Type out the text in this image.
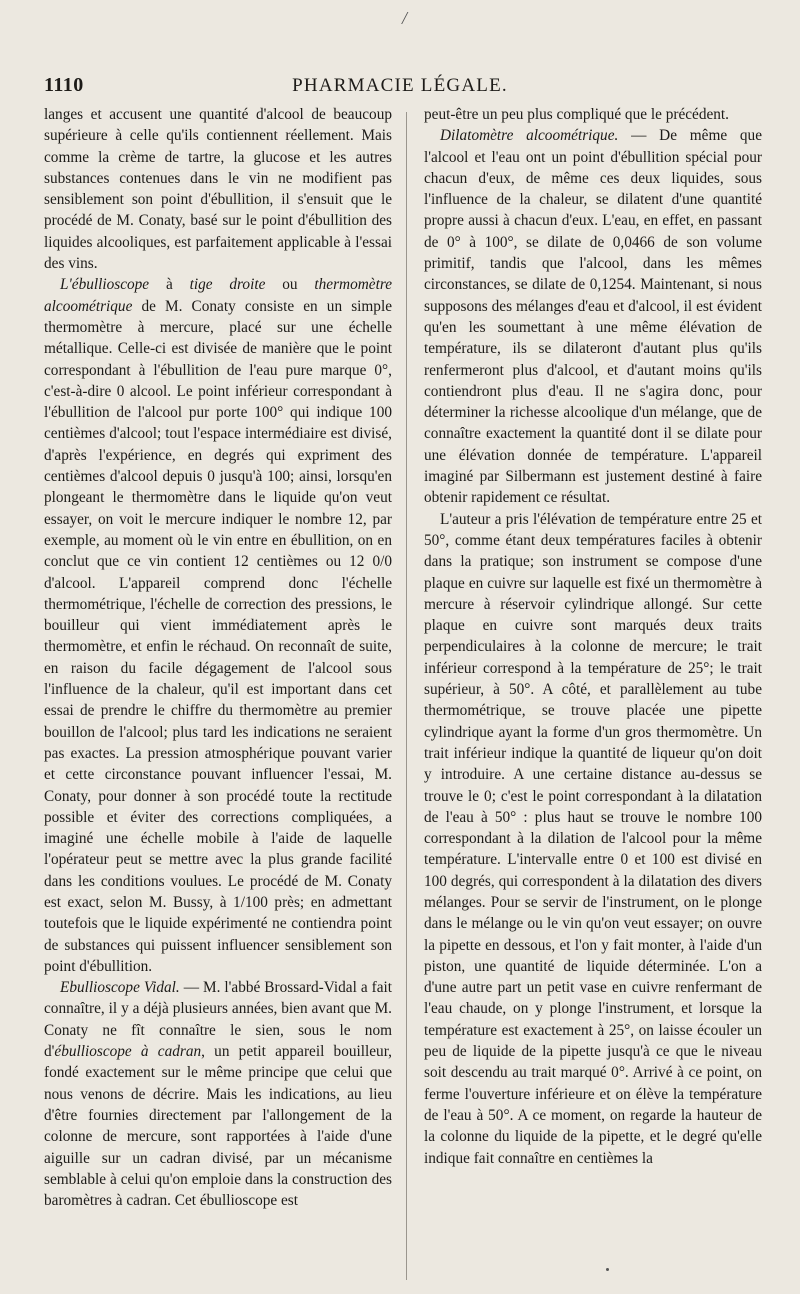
/
1110	PHARMACIE LÉGALE.

langes et accusent une quantité d'alcool de beaucoup supérieure à celle qu'ils contiennent réellement. Mais comme la crème de tartre, la glucose et les autres substances contenues dans le vin ne modifient pas sensiblement son point d'ébullition, il s'ensuit que le procédé de M. Conaty, basé sur le point d'ébullition des liquides alcooliques, est parfaitement applicable à l'essai des vins.

L'ébullioscope à tige droite ou thermomètre alcoométrique de M. Conaty consiste en un simple thermomètre à mercure, placé sur une échelle métallique. Celle-ci est divisée de manière que le point correspondant à l'ébullition de l'eau pure marque 0°, c'est-à-dire 0 alcool. Le point inférieur correspondant à l'ébullition de l'alcool pur porte 100° qui indique 100 centièmes d'alcool; tout l'espace intermédiaire est divisé, d'après l'expérience, en degrés qui expriment des centièmes d'alcool depuis 0 jusqu'à 100; ainsi, lorsqu'en plongeant le thermomètre dans le liquide qu'on veut essayer, on voit le mercure indiquer le nombre 12, par exemple, au moment où le vin entre en ébullition, on en conclut que ce vin contient 12 centièmes ou 12 0/0 d'alcool. L'appareil comprend donc l'échelle thermométrique, l'échelle de correction des pressions, le bouilleur qui vient immédiatement après le thermomètre, et enfin le réchaud. On reconnaît de suite, en raison du facile dégagement de l'alcool sous l'influence de la chaleur, qu'il est important dans cet essai de prendre le chiffre du thermomètre au premier bouillon de l'alcool; plus tard les indications ne seraient pas exactes. La pression atmosphérique pouvant varier et cette circonstance pouvant influencer l'essai, M. Conaty, pour donner à son procédé toute la rectitude possible et éviter des corrections compliquées, a imaginé une échelle mobile à l'aide de laquelle l'opérateur peut se mettre avec la plus grande facilité dans les conditions voulues. Le procédé de M. Conaty est exact, selon M. Bussy, à 1/100 près; en admettant toutefois que le liquide expérimenté ne contiendra point de substances qui puissent influencer sensiblement son point d'ébullition.

Ebullioscope Vidal. — M. l'abbé Brossard-Vidal a fait connaître, il y a déjà plusieurs années, bien avant que M. Conaty ne fît connaître le sien, sous le nom d'ébullioscope à cadran, un petit appareil bouilleur, fondé exactement sur le même principe que celui que nous venons de décrire. Mais les indications, au lieu d'être fournies directement par l'allongement de la colonne de mercure, sont rapportées à l'aide d'une aiguille sur un cadran divisé, par un mécanisme semblable à celui qu'on emploie dans la construction des baromètres à cadran. Cet ébullioscope est

peut-être un peu plus compliqué que le précédent.

Dilatomètre alcoométrique. — De même que l'alcool et l'eau ont un point d'ébullition spécial pour chacun d'eux, de même ces deux liquides, sous l'influence de la chaleur, se dilatent d'une quantité propre aussi à chacun d'eux. L'eau, en effet, en passant de 0° à 100°, se dilate de 0,0466 de son volume primitif, tandis que l'alcool, dans les mêmes circonstances, se dilate de 0,1254. Maintenant, si nous supposons des mélanges d'eau et d'alcool, il est évident qu'en les soumettant à une même élévation de température, ils se dilateront d'autant plus qu'ils renfermeront plus d'alcool, et d'autant moins qu'ils contiendront plus d'eau. Il ne s'agira donc, pour déterminer la richesse alcoolique d'un mélange, que de connaître exactement la quantité dont il se dilate pour une élévation donnée de température. L'appareil imaginé par Silbermann est justement destiné à faire obtenir rapidement ce résultat.

L'auteur a pris l'élévation de température entre 25 et 50°, comme étant deux températures faciles à obtenir dans la pratique; son instrument se compose d'une plaque en cuivre sur laquelle est fixé un thermomètre à mercure à réservoir cylindrique allongé. Sur cette plaque en cuivre sont marqués deux traits perpendiculaires à la colonne de mercure; le trait inférieur correspond à la température de 25°; le trait supérieur, à 50°. A côté, et parallèlement au tube thermométrique, se trouve placée une pipette cylindrique ayant la forme d'un gros thermomètre. Un trait inférieur indique la quantité de liqueur qu'on doit y introduire. A une certaine distance au-dessus se trouve le 0; c'est le point correspondant à la dilatation de l'eau à 50° : plus haut se trouve le nombre 100 correspondant à la dilation de l'alcool pour la même température. L'intervalle entre 0 et 100 est divisé en 100 degrés, qui correspondent à la dilatation des divers mélanges. Pour se servir de l'instrument, on le plonge dans le mélange ou le vin qu'on veut essayer; on ouvre la pipette en dessous, et l'on y fait monter, à l'aide d'un piston, une quantité de liquide déterminée. L'on a d'une autre part un petit vase en cuivre renfermant de l'eau chaude, on y plonge l'instrument, et lorsque la température est exactement à 25°, on laisse écouler un peu de liquide de la pipette jusqu'à ce que le niveau soit descendu au trait marqué 0°. Arrivé à ce point, on ferme l'ouverture inférieure et on élève la température de l'eau à 50°. A ce moment, on regarde la hauteur de la colonne du liquide de la pipette, et le degré qu'elle indique fait connaître en centièmes la
